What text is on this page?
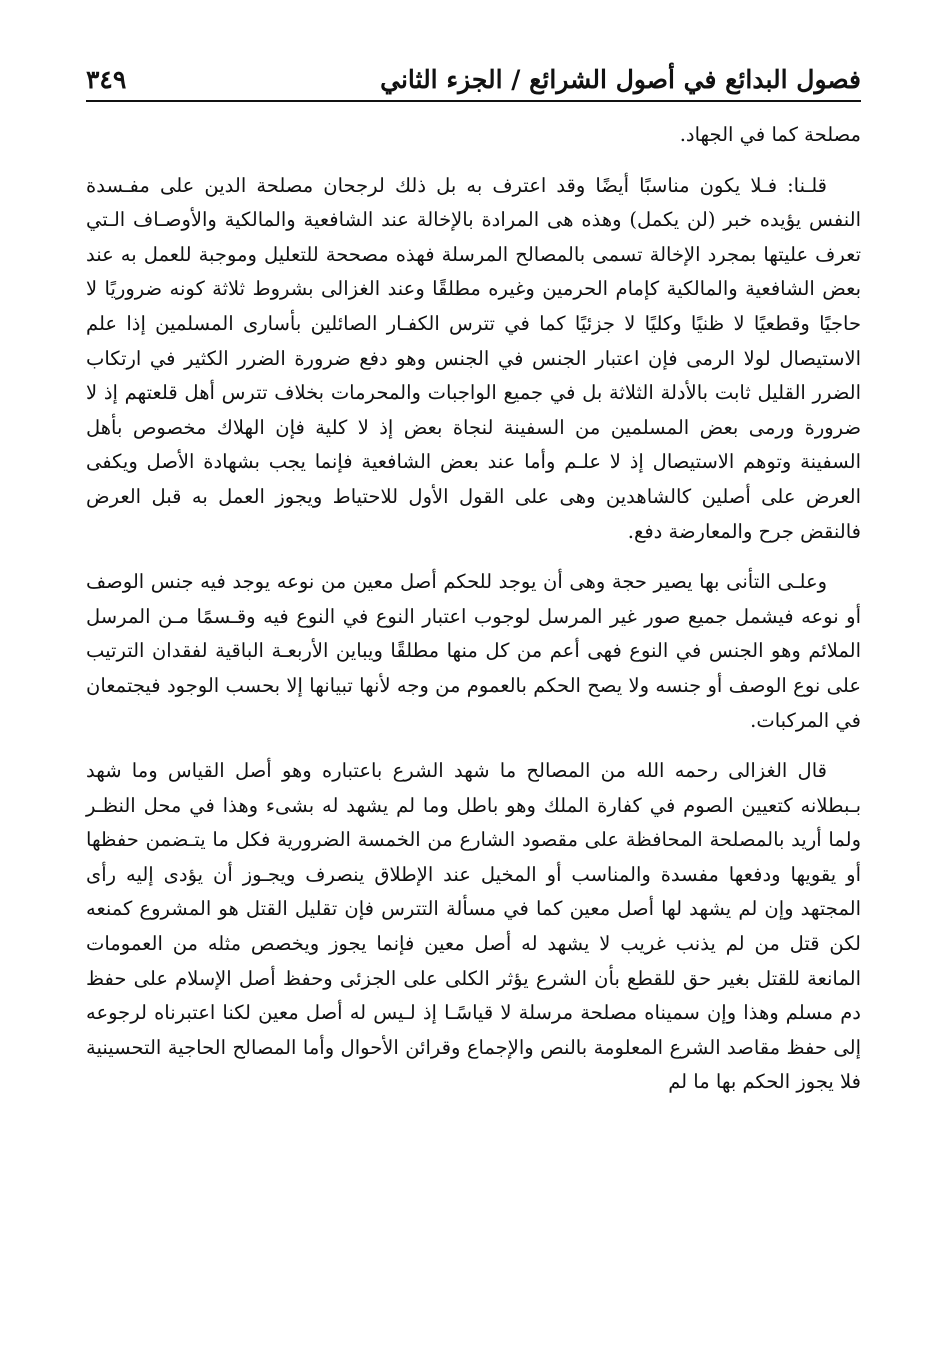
فصول البدائع في أصول الشرائع / الجزء الثاني
٣٤٩

مصلحة كما في الجهاد.

قلـنا: فـلا يكون مناسبًا أيضًا وقد اعترف به بل ذلك لرجحان مصلحة الدين على مفـسدة النفس يؤيده خبر (لن يكمل) وهذه هى المرادة بالإخالة عند الشافعية والمالكية والأوصـاف الـتي تعرف عليتها بمجرد الإخالة تسمى بالمصالح المرسلة فهذه مصححة للتعليل وموجبة للعمل به عند بعض الشافعية والمالكية كإمام الحرمين وغيره مطلقًا وعند الغزالى بشروط ثلاثة كونه ضروريًا لا حاجيًا وقطعيًا لا ظنيًا وكليًا لا جزئيًا كما في تترس الكفـار الصائلين بأسارى المسلمين إذا علم الاستيصال لولا الرمى فإن اعتبار الجنس في الجنس وهو دفع ضرورة الضرر الكثير في ارتكاب الضرر القليل ثابت بالأدلة الثلاثة بل في جميع الواجبات والمحرمات بخلاف تترس أهل قلعتهم إذ لا ضرورة ورمى بعض المسلمين من السفينة لنجاة بعض إذ لا كلية فإن الهلاك مخصوص بأهل السفينة وتوهم الاستيصال إذ لا علـم وأما عند بعض الشافعية فإنما يجب بشهادة الأصل ويكفى العرض على أصلين كالشاهدين وهى على القول الأول للاحتياط ويجوز العمل به قبل العرض فالنقض جرح والمعارضة دفع.

وعلـى التأنى بها يصير حجة وهى أن يوجد للحكم أصل معين من نوعه يوجد فيه جنس الوصف أو نوعه فيشمل جميع صور غير المرسل لوجوب اعتبار النوع في النوع فيه وقـسمًا مـن المرسل الملائم وهو الجنس في النوع فهى أعم من كل منها مطلقًا ويباين الأربعـة الباقية لفقدان الترتيب على نوع الوصف أو جنسه ولا يصح الحكم بالعموم من وجه لأنها تبيانها إلا بحسب الوجود فيجتمعان في المركبات.

قال الغزالى رحمه الله من المصالح ما شهد الشرع باعتباره وهو أصل القياس وما شهد بـبطلانه كتعيين الصوم في كفارة الملك وهو باطل وما لم يشهد له بشىء وهذا في محل النظـر ولما أريد بالمصلحة المحافظة على مقصود الشارع من الخمسة الضرورية فكل ما يتـضمن حفظها أو يقويها ودفعها مفسدة والمناسب أو المخيل عند الإطلاق ينصرف ويجـوز أن يؤدى إليه رأى المجتهد وإن لم يشهد لها أصل معين كما في مسألة التترس فإن تقليل القتل هو المشروع كمنعه لكن قتل من لم يذنب غريب لا يشهد له أصل معين فإنما يجوز ويخصص مثله من العمومات المانعة للقتل بغير حق للقطع بأن الشرع يؤثر الكلى على الجزئى وحفظ أصل الإسلام على حفظ دم مسلم وهذا وإن سميناه مصلحة مرسلة لا قياسًـا إذ لـيس له أصل معين لكنا اعتبرناه لرجوعه إلى حفظ مقاصد الشرع المعلومة بالنص والإجماع وقرائن الأحوال وأما المصالح الحاجية التحسينية فلا يجوز الحكم بها ما لم
